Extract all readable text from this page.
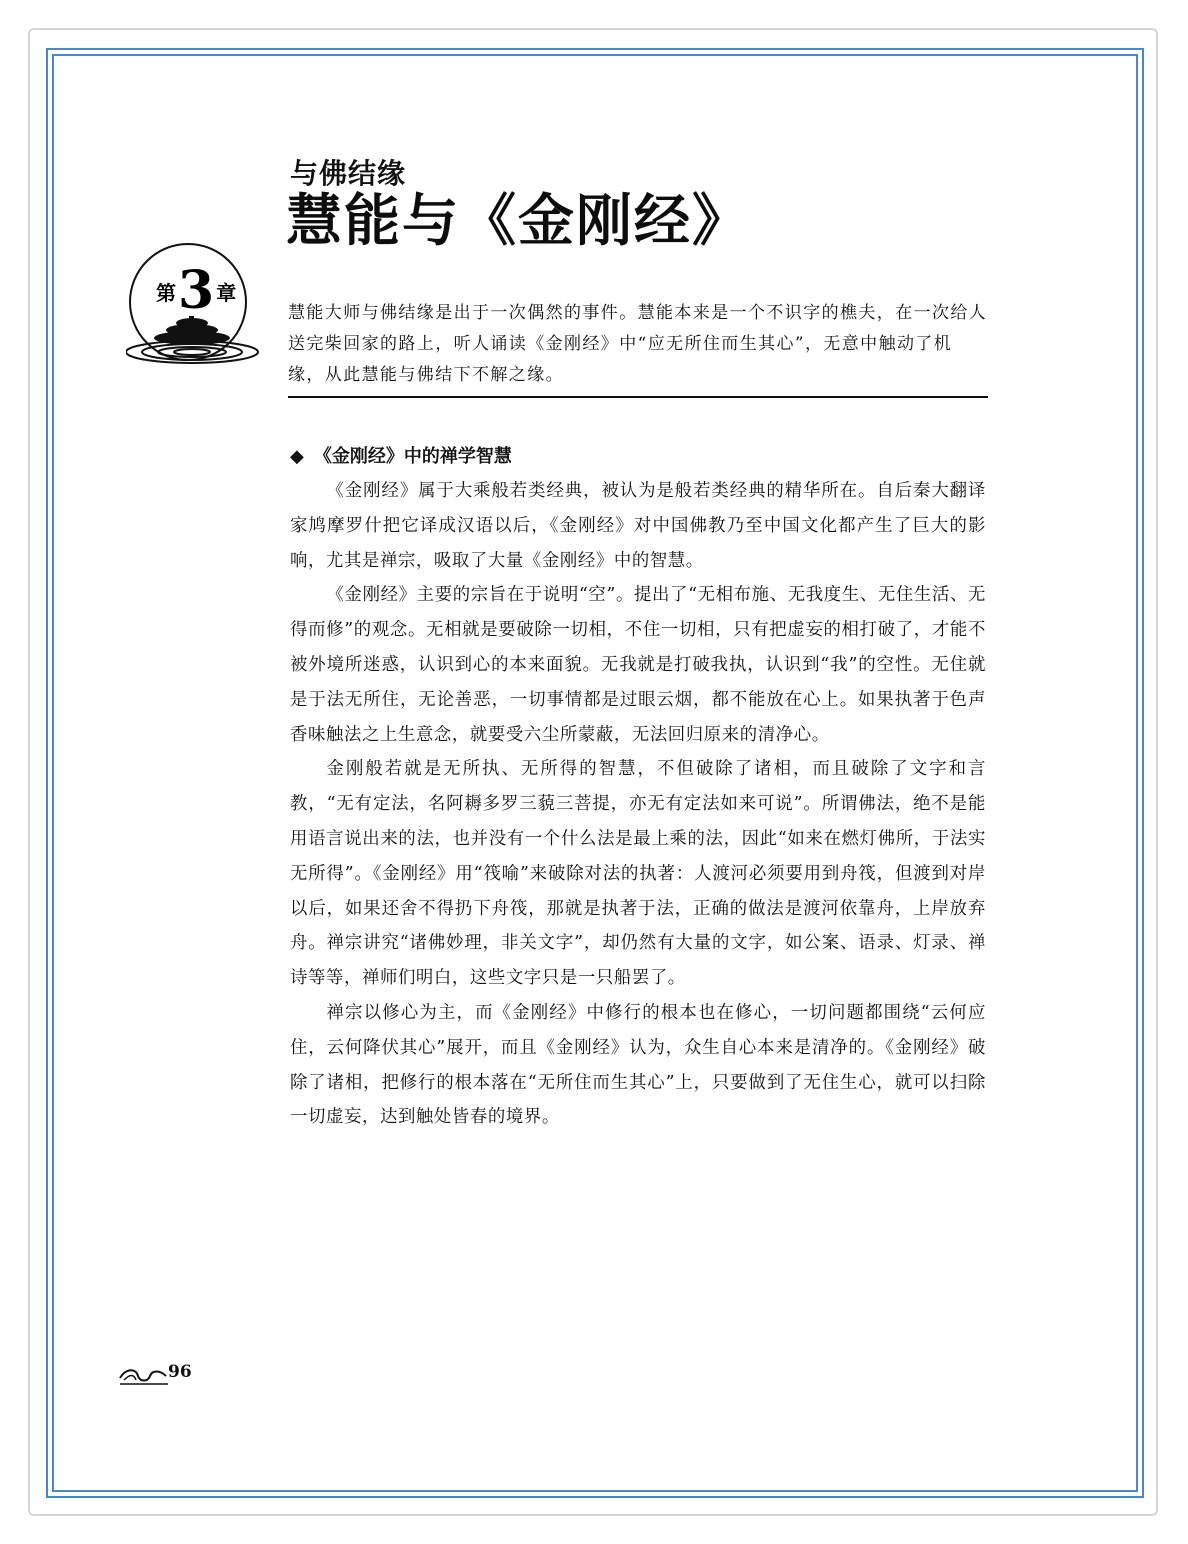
与佛结缘
慧能与《金刚经》
第3 章
慧能大师与佛结缘是出于一次偶然的事件。慧能本来是一个不识字的樵夫，在一次给人送完柴回家的路上，听人诵读《金刚经》中“应无所住而生其心”，无意中触动了机缘，从此慧能与佛结下不解之缘。
◆ 《金刚经》中的禅学智慧

《金刚经》属于大乘般若类经典，被认为是般若类经典的精华所在。自后秦大翻译家鸠摩罗什把它译成汉语以后，《金刚经》对中国佛教乃至中国文化都产生了巨大的影响，尤其是禅宗，吸取了大量《金刚经》中的智慧。

《金刚经》主要的宗旨在于说明“空”。提出了“无相布施、无我度生、无住生活、无得而修”的观念。无相就是要破除一切相，不住一切相，只有把虚妄的相打破了，才能不被外境所迷惑，认识到心的本来面貌。无我就是打破我执，认识到“我”的空性。无住就是于法无所住，无论善恶，一切事情都是过眼云烟，都不能放在心上。如果执著于色声香味触法之上生意念，就要受六尘所蒙蔽，无法回归原来的清净心。

金刚般若就是无所执、无所得的智慧，不但破除了诸相，而且破除了文字和言教，“无有定法，名阿耨多罗三藐三菩提，亦无有定法如来可说”。所谓佛法，绝不是能用语言说出来的法，也并没有一个什么法是最上乘的法，因此“如来在燃灯佛所，于法实无所得”。《金刚经》用“筏喻”来破除对法的执著：人渡河必须要用到舟筏，但渡到对岸以后，如果还舍不得扔下舟筏，那就是执著于法，正确的做法是渡河依靠舟，上岸放弃舟。禅宗讲究“诸佛妙理，非关文字”，却仍然有大量的文字，如公案、语录、灯录、禅诗等等，禅师们明白，这些文字只是一只船罢了。

禅宗以修心为主，而《金刚经》中修行的根本也在修心，一切问题都围绕“云何应住，云何降伏其心”展开，而且《金刚经》认为，众生自心本来是清净的。《金刚经》破除了诸相，把修行的根本落在“无所住而生其心”上，只要做到了无住生心，就可以扫除一切虚妄，达到触处皆春的境界。

96
